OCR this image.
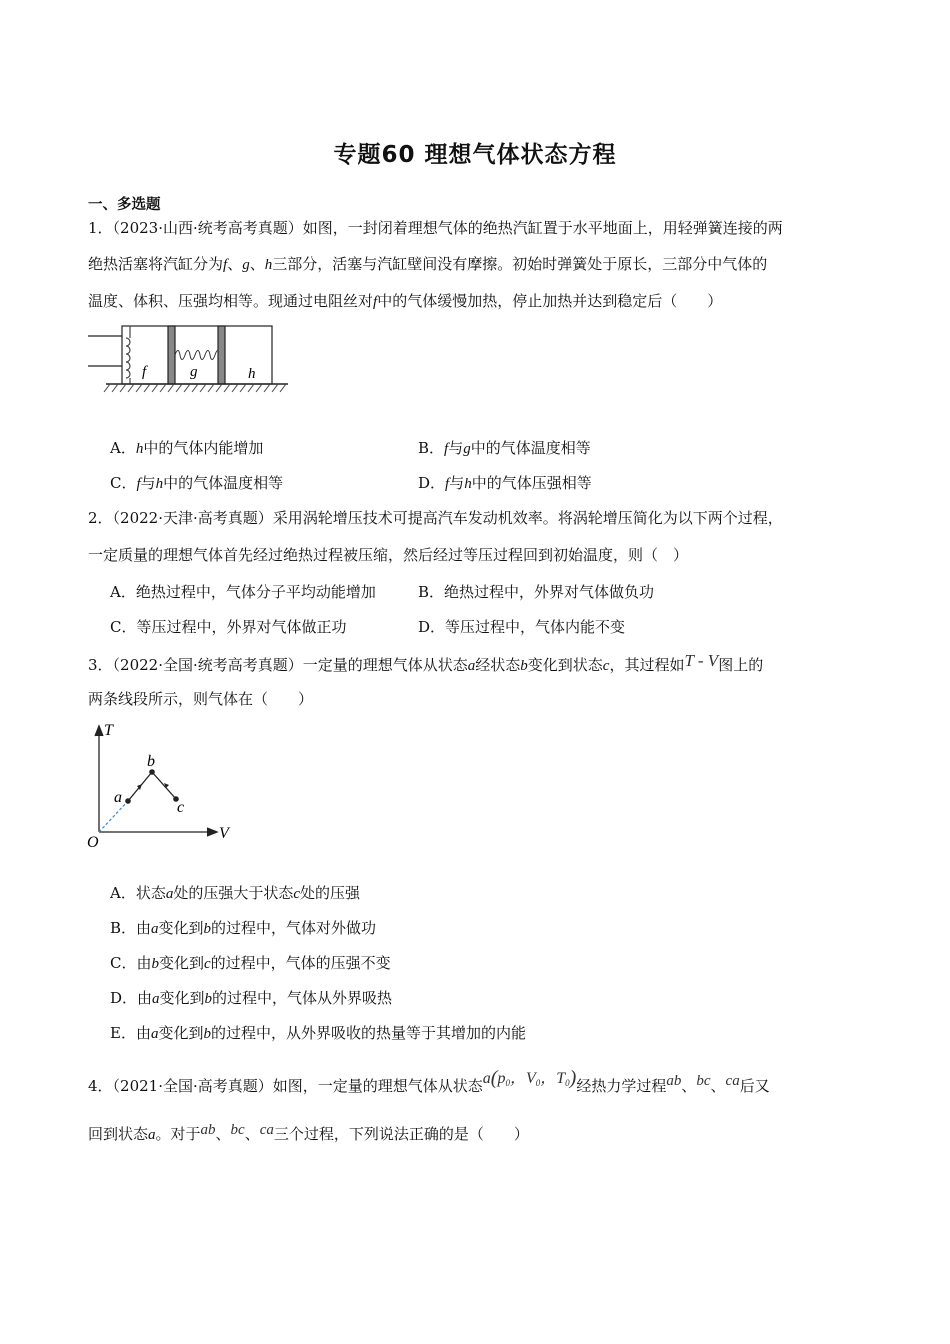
专题60 理想气体状态方程
一、多选题
1．（2023·山西·统考高考真题）如图，一封闭着理想气体的绝热汽缸置于水平地面上，用轻弹簧连接的两
绝热活塞将汽缸分为f、g、h三部分，活塞与汽缸壁间没有摩擦。初始时弹簧处于原长，三部分中气体的
温度、体积、压强均相等。现通过电阻丝对f中的气体缓慢加热，停止加热并达到稳定后（　　）
f	g	h
A．h中的气体内能增加	B．f与g中的气体温度相等
C．f与h中的气体温度相等	D．f与h中的气体压强相等
2．（2022·天津·高考真题）采用涡轮增压技术可提高汽车发动机效率。将涡轮增压简化为以下两个过程，
一定质量的理想气体首先经过绝热过程被压缩，然后经过等压过程回到初始温度，则（　）
A．绝热过程中，气体分子平均动能增加	B．绝热过程中，外界对气体做负功
C．等压过程中，外界对气体做正功	D．等压过程中，气体内能不变
3．（2022·全国·统考高考真题）一定量的理想气体从状态a经状态b变化到状态c，其过程如T - V图上的
两条线段所示，则气体在（　　）
T
V
O
a
b
c
A．状态a处的压强大于状态c处的压强
B．由a变化到b的过程中，气体对外做功
C．由b变化到c的过程中，气体的压强不变
D．由a变化到b的过程中，气体从外界吸热
E．由a变化到b的过程中，从外界吸收的热量等于其增加的内能
4．（2021·全国·高考真题）如图，一定量的理想气体从状态$a(p_0$，$V_0$，$T_0$)经热力学过程ab、bc、ca后又
回到状态a。对于ab、bc、ca三个过程，下列说法正确的是（　　）
